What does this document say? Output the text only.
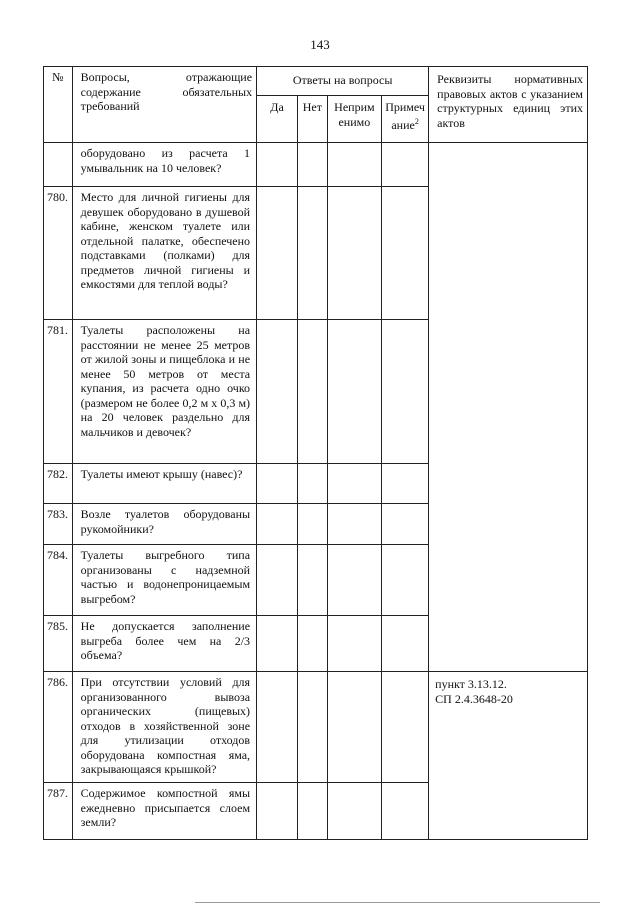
143
№	Вопросы, отражающие содержание обязательных требований	Ответы на вопросы				Реквизиты нормативных правовых актов с указанием структурных единиц этих актов
		Да	Нет	Неприм енимо	Примеч ание$^2$
	оборудовано из расчета 1 умывальник на 10 человек?					
780.	Место для личной гигиены для девушек оборудовано в душевой кабине, женском туалете или отдельной палатке, обеспечено подставками (полками) для предметов личной гигиены и емкостями для теплой воды?					
781.	Туалеты расположены на расстоянии не менее 25 метров от жилой зоны и пищеблока и не менее 50 метров от места купания, из расчета одно очко (размером не более 0,2 м х 0,3 м) на 20 человек раздельно для мальчиков и девочек?					
782.	Туалеты имеют крышу (навес)?					
783.	Возле туалетов оборудованы рукомойники?					
784.	Туалеты выгребного типа организованы с надземной частью и водонепроницаемым выгребом?					
785.	Не допускается заполнение выгреба более чем на 2/3 объема?					
786.	При отсутствии условий для организованного вывоза органических (пищевых) отходов в хозяйственной зоне для утилизации отходов оборудована компостная яма, закрывающаяся крышкой?					пункт 3.13.12.
СП 2.4.3648-20

787.	Содержимое компостной ямы ежедневно присыпается слоем земли?					
